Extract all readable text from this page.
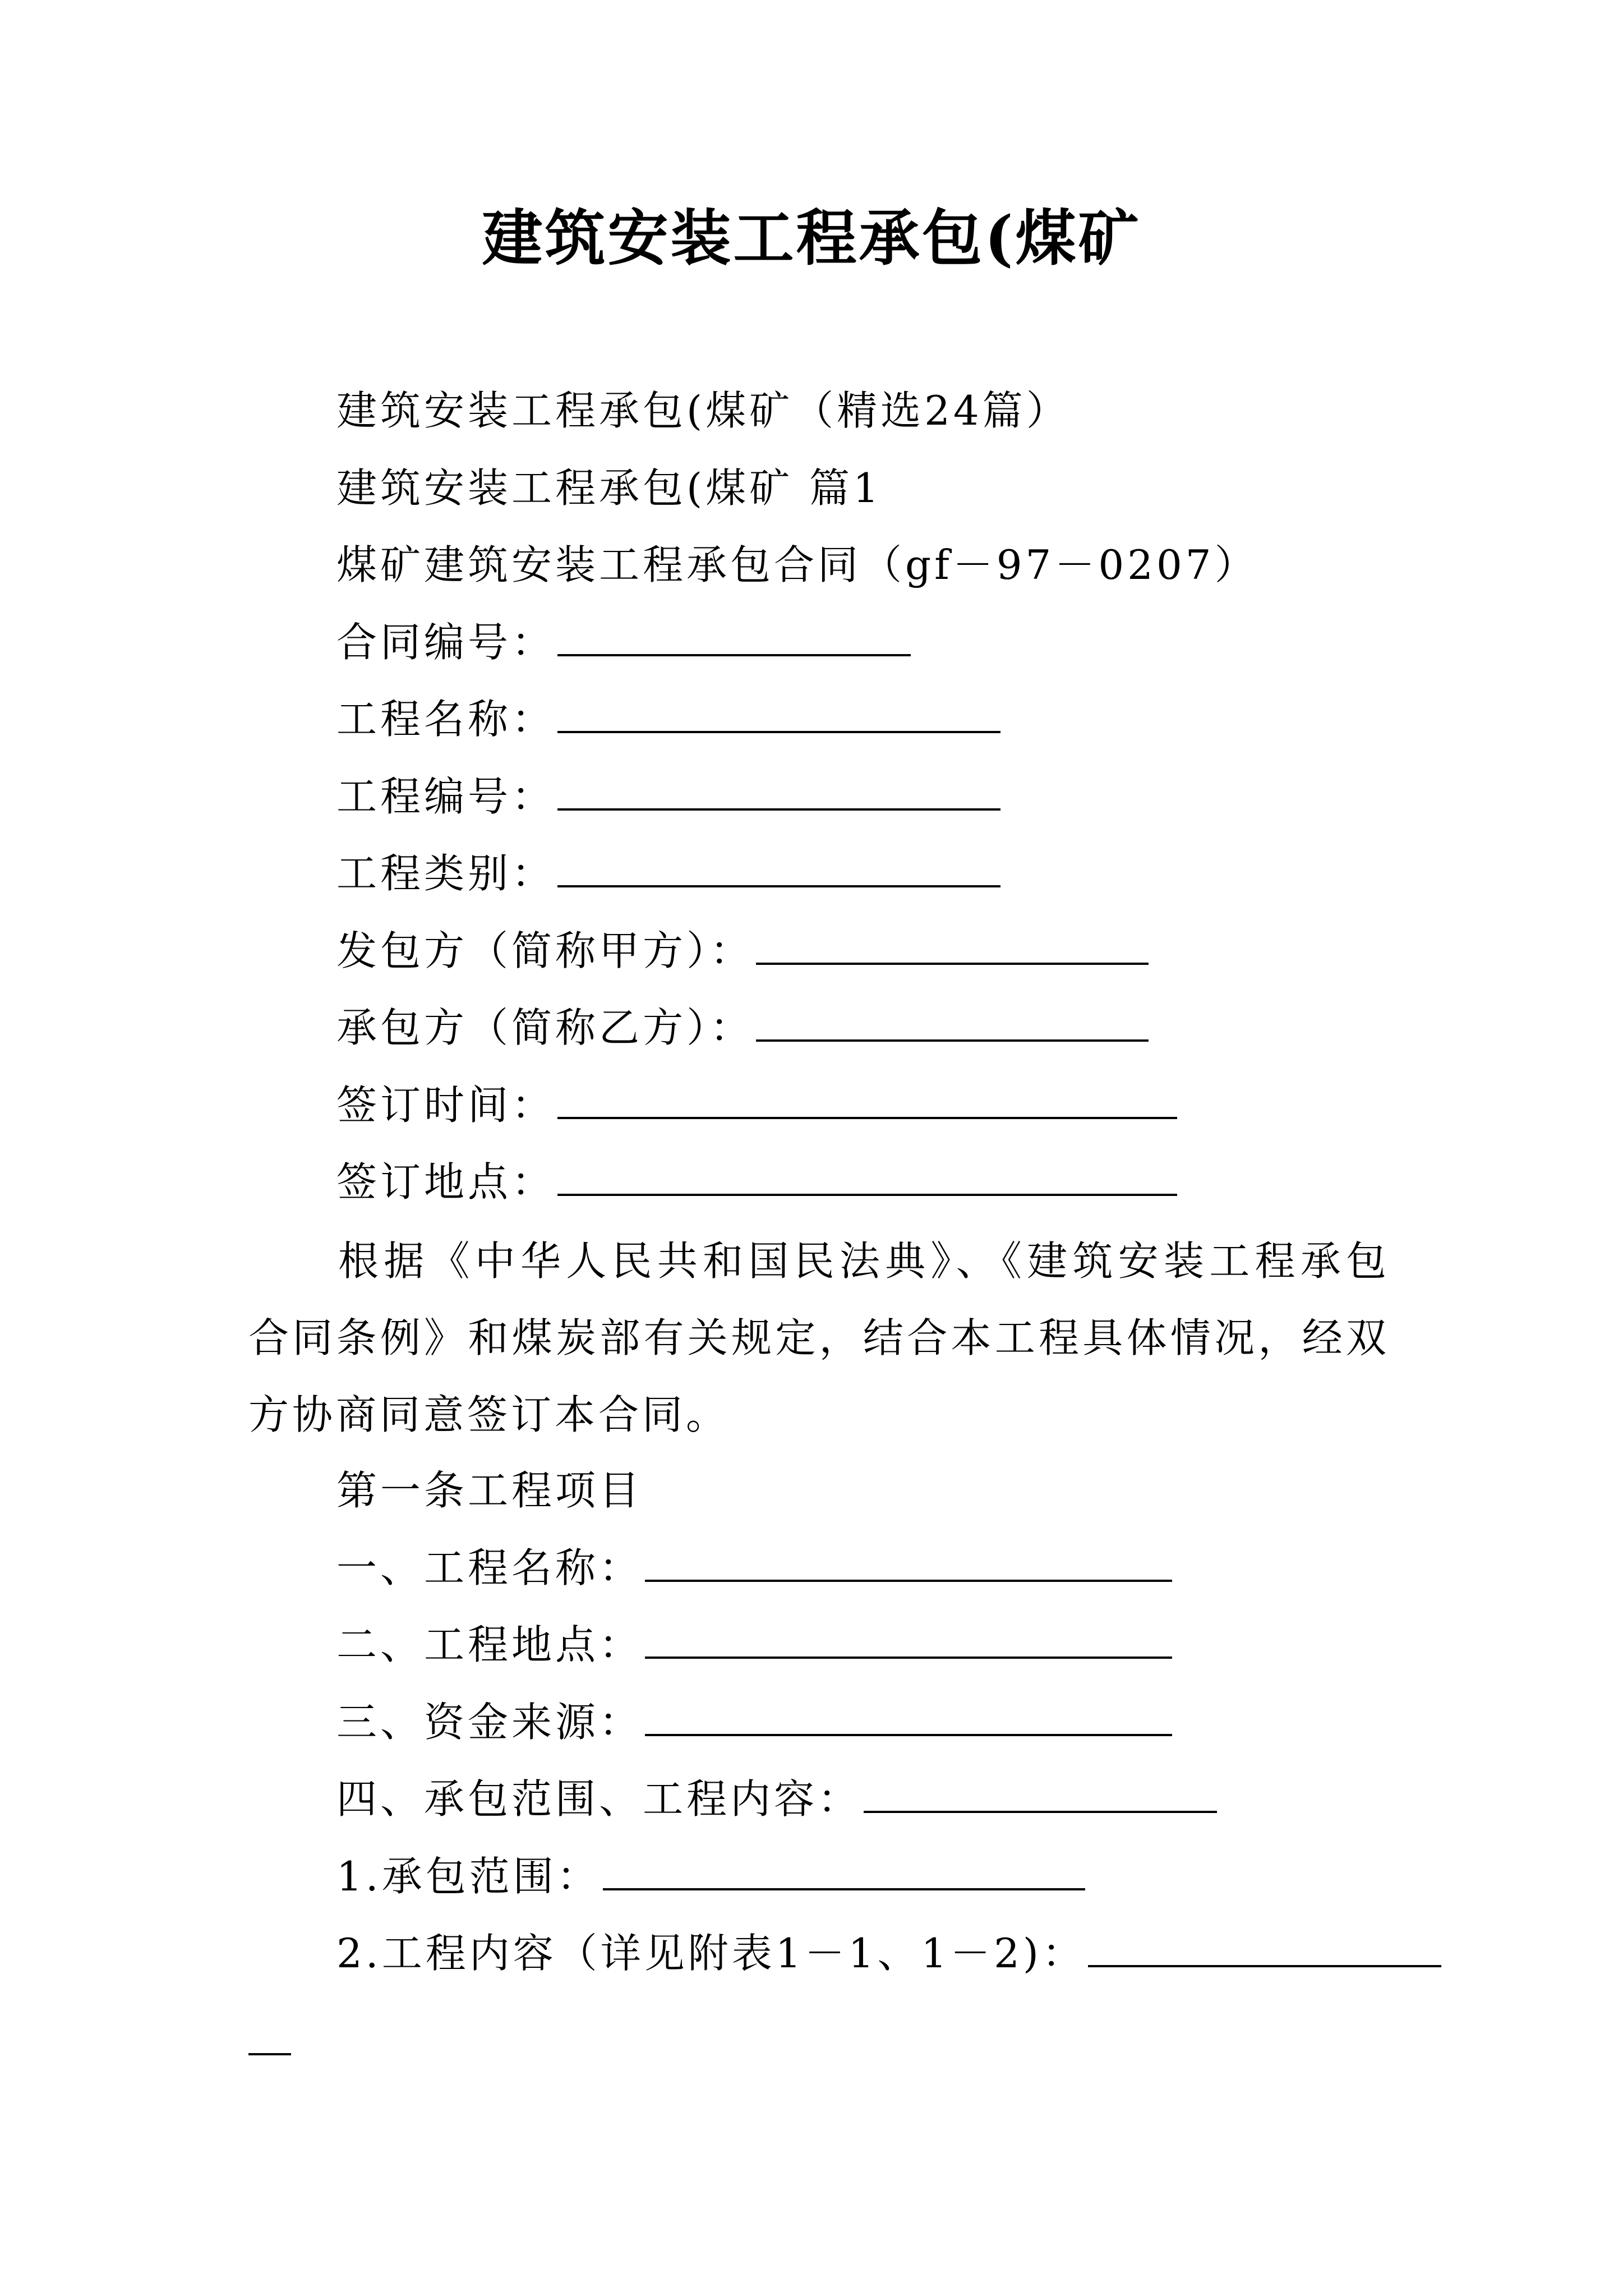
建筑安装工程承包(煤矿
建筑安装工程承包(煤矿（精选24篇）
建筑安装工程承包(煤矿 篇1
煤矿建筑安装工程承包合同（gf－97－0207）
合同编号：
工程名称：
工程编号：
工程类别：
发包方（简称甲方）：
承包方（简称乙方）：
签订时间：
签订地点：
根据《中华人民共和国民法典》、《建筑安装工程承包合同条例》和煤炭部有关规定，结合本工程具体情况，经双方协商同意签订本合同。
第一条工程项目
一、工程名称：
二、工程地点：
三、资金来源：
四、承包范围、工程内容：
1.承包范围：
2.工程内容（详见附表1－1、1－2)：
